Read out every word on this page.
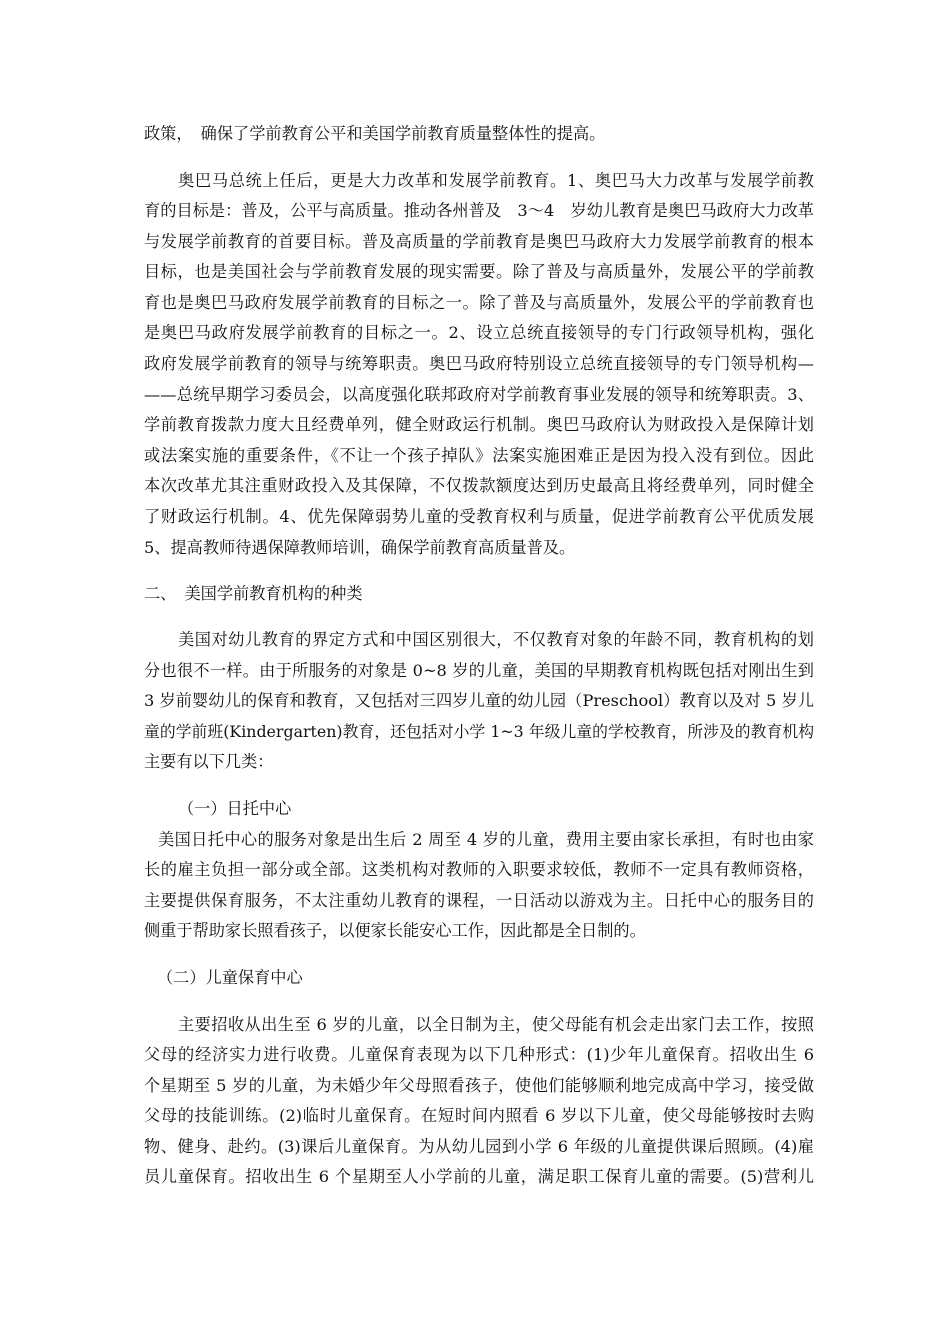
政策，　确保了学前教育公平和美国学前教育质量整体性的提高。
奥巴马总统上任后，更是大力改革和发展学前教育。1、奥巴马大力改革与发展学前教
育的目标是：普及，公平与高质量。推动各州普及　3～4　岁幼儿教育是奥巴马政府大力改革
与发展学前教育的首要目标。普及高质量的学前教育是奥巴马政府大力发展学前教育的根本
目标，也是美国社会与学前教育发展的现实需要。除了普及与高质量外，发展公平的学前教
育也是奥巴马政府发展学前教育的目标之一。除了普及与高质量外，发展公平的学前教育也
是奥巴马政府发展学前教育的目标之一。2、设立总统直接领导的专门行政领导机构，强化
政府发展学前教育的领导与统筹职责。奥巴马政府特别设立总统直接领导的专门领导机构—
——总统早期学习委员会，以高度强化联邦政府对学前教育事业发展的领导和统筹职责。3、
学前教育拨款力度大且经费单列，健全财政运行机制。奥巴马政府认为财政投入是保障计划
或法案实施的重要条件，《不让一个孩子掉队》法案实施困难正是因为投入没有到位。因此
本次改革尤其注重财政投入及其保障，不仅拨款额度达到历史最高且将经费单列，同时健全
了财政运行机制。4、优先保障弱势儿童的受教育权利与质量，促进学前教育公平优质发展
5、提高教师待遇保障教师培训，确保学前教育高质量普及。
二、　美国学前教育机构的种类
美国对幼儿教育的界定方式和中国区别很大，不仅教育对象的年龄不同，教育机构的划
分也很不一样。由于所服务的对象是 0~8 岁的儿童，美国的早期教育机构既包括对刚出生到
3 岁前婴幼儿的保育和教育，又包括对三四岁儿童的幼儿园（Preschool）教育以及对 5 岁儿
童的学前班(Kindergarten)教育，还包括对小学 1~3 年级儿童的学校教育，所涉及的教育机构
主要有以下几类：
（一）日托中心
美国日托中心的服务对象是出生后 2 周至 4 岁的儿童，费用主要由家长承担，有时也由家
长的雇主负担一部分或全部。这类机构对教师的入职要求较低，教师不一定具有教师资格，
主要提供保育服务，不太注重幼儿教育的课程，一日活动以游戏为主。日托中心的服务目的
侧重于帮助家长照看孩子，以便家长能安心工作，因此都是全日制的。
（二）儿童保育中心
主要招收从出生至 6 岁的儿童，以全日制为主，使父母能有机会走出家门去工作，按照
父母的经济实力进行收费。儿童保育表现为以下几种形式：(1)少年儿童保育。招收出生 6
个星期至 5 岁的儿童，为未婚少年父母照看孩子，使他们能够顺利地完成高中学习，接受做
父母的技能训练。(2)临时儿童保育。在短时间内照看 6 岁以下儿童，使父母能够按时去购
物、健身、赴约。(3)课后儿童保育。为从幼儿园到小学 6 年级的儿童提供课后照顾。(4)雇
员儿童保育。招收出生 6 个星期至人小学前的儿童，满足职工保育儿童的需要。(5)营利儿
